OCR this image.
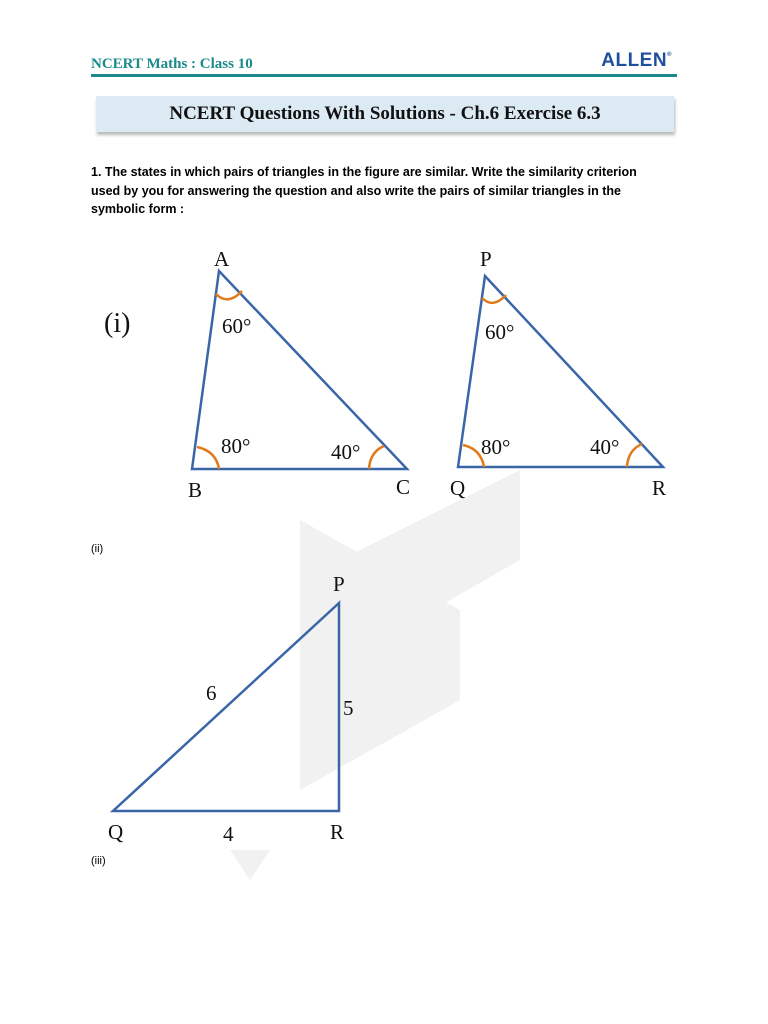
NCERT Maths : Class 10	ALLEN®
NCERT Questions With Solutions - Ch.6 Exercise 6.3
1. The states in which pairs of triangles in the figure are similar. Write the similarity criterion used by you for answering the question and also write the pairs of similar triangles in the symbolic form :
(i)
A
B	C
60°
80°	40°
P
Q	R
60°
80°	40°
P
Q	R
6
5
4
(ii)
(iii)
